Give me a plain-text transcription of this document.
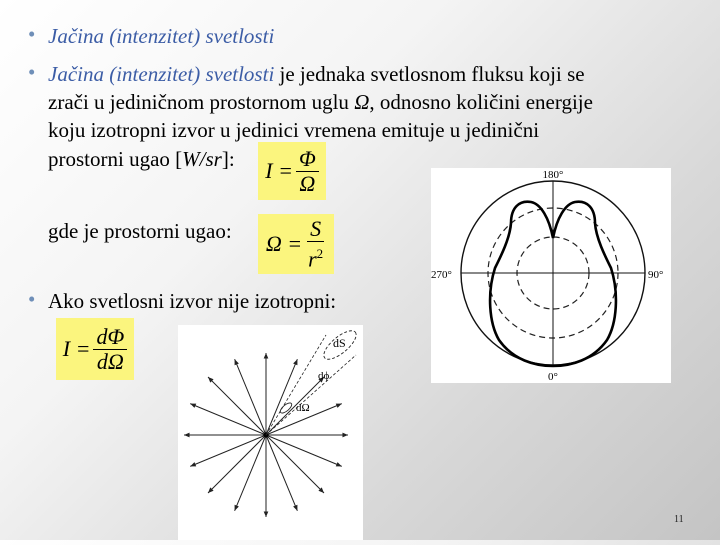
• Jačina (intenzitet) svetlosti
• Jačina (intenzitet) svetlosti je jednaka svetlosnom fluksu koji se
zrači u jediničnom prostornom uglu Ω, odnosno količini energije
koju izotropni izvor u jedinici vremena emituje u jedinični
prostorni ugao [W/sr]: $I = \frac{\Phi}{\Omega}$
gde je prostorni ugao: $\Omega = \frac{S}{r^2}$
• Ako svetlosni izvor nije izotropni:
$I = \frac{d\Phi}{d\Omega}$
180°
0°
270°	90°
dS
dϕ
dΩ
11
